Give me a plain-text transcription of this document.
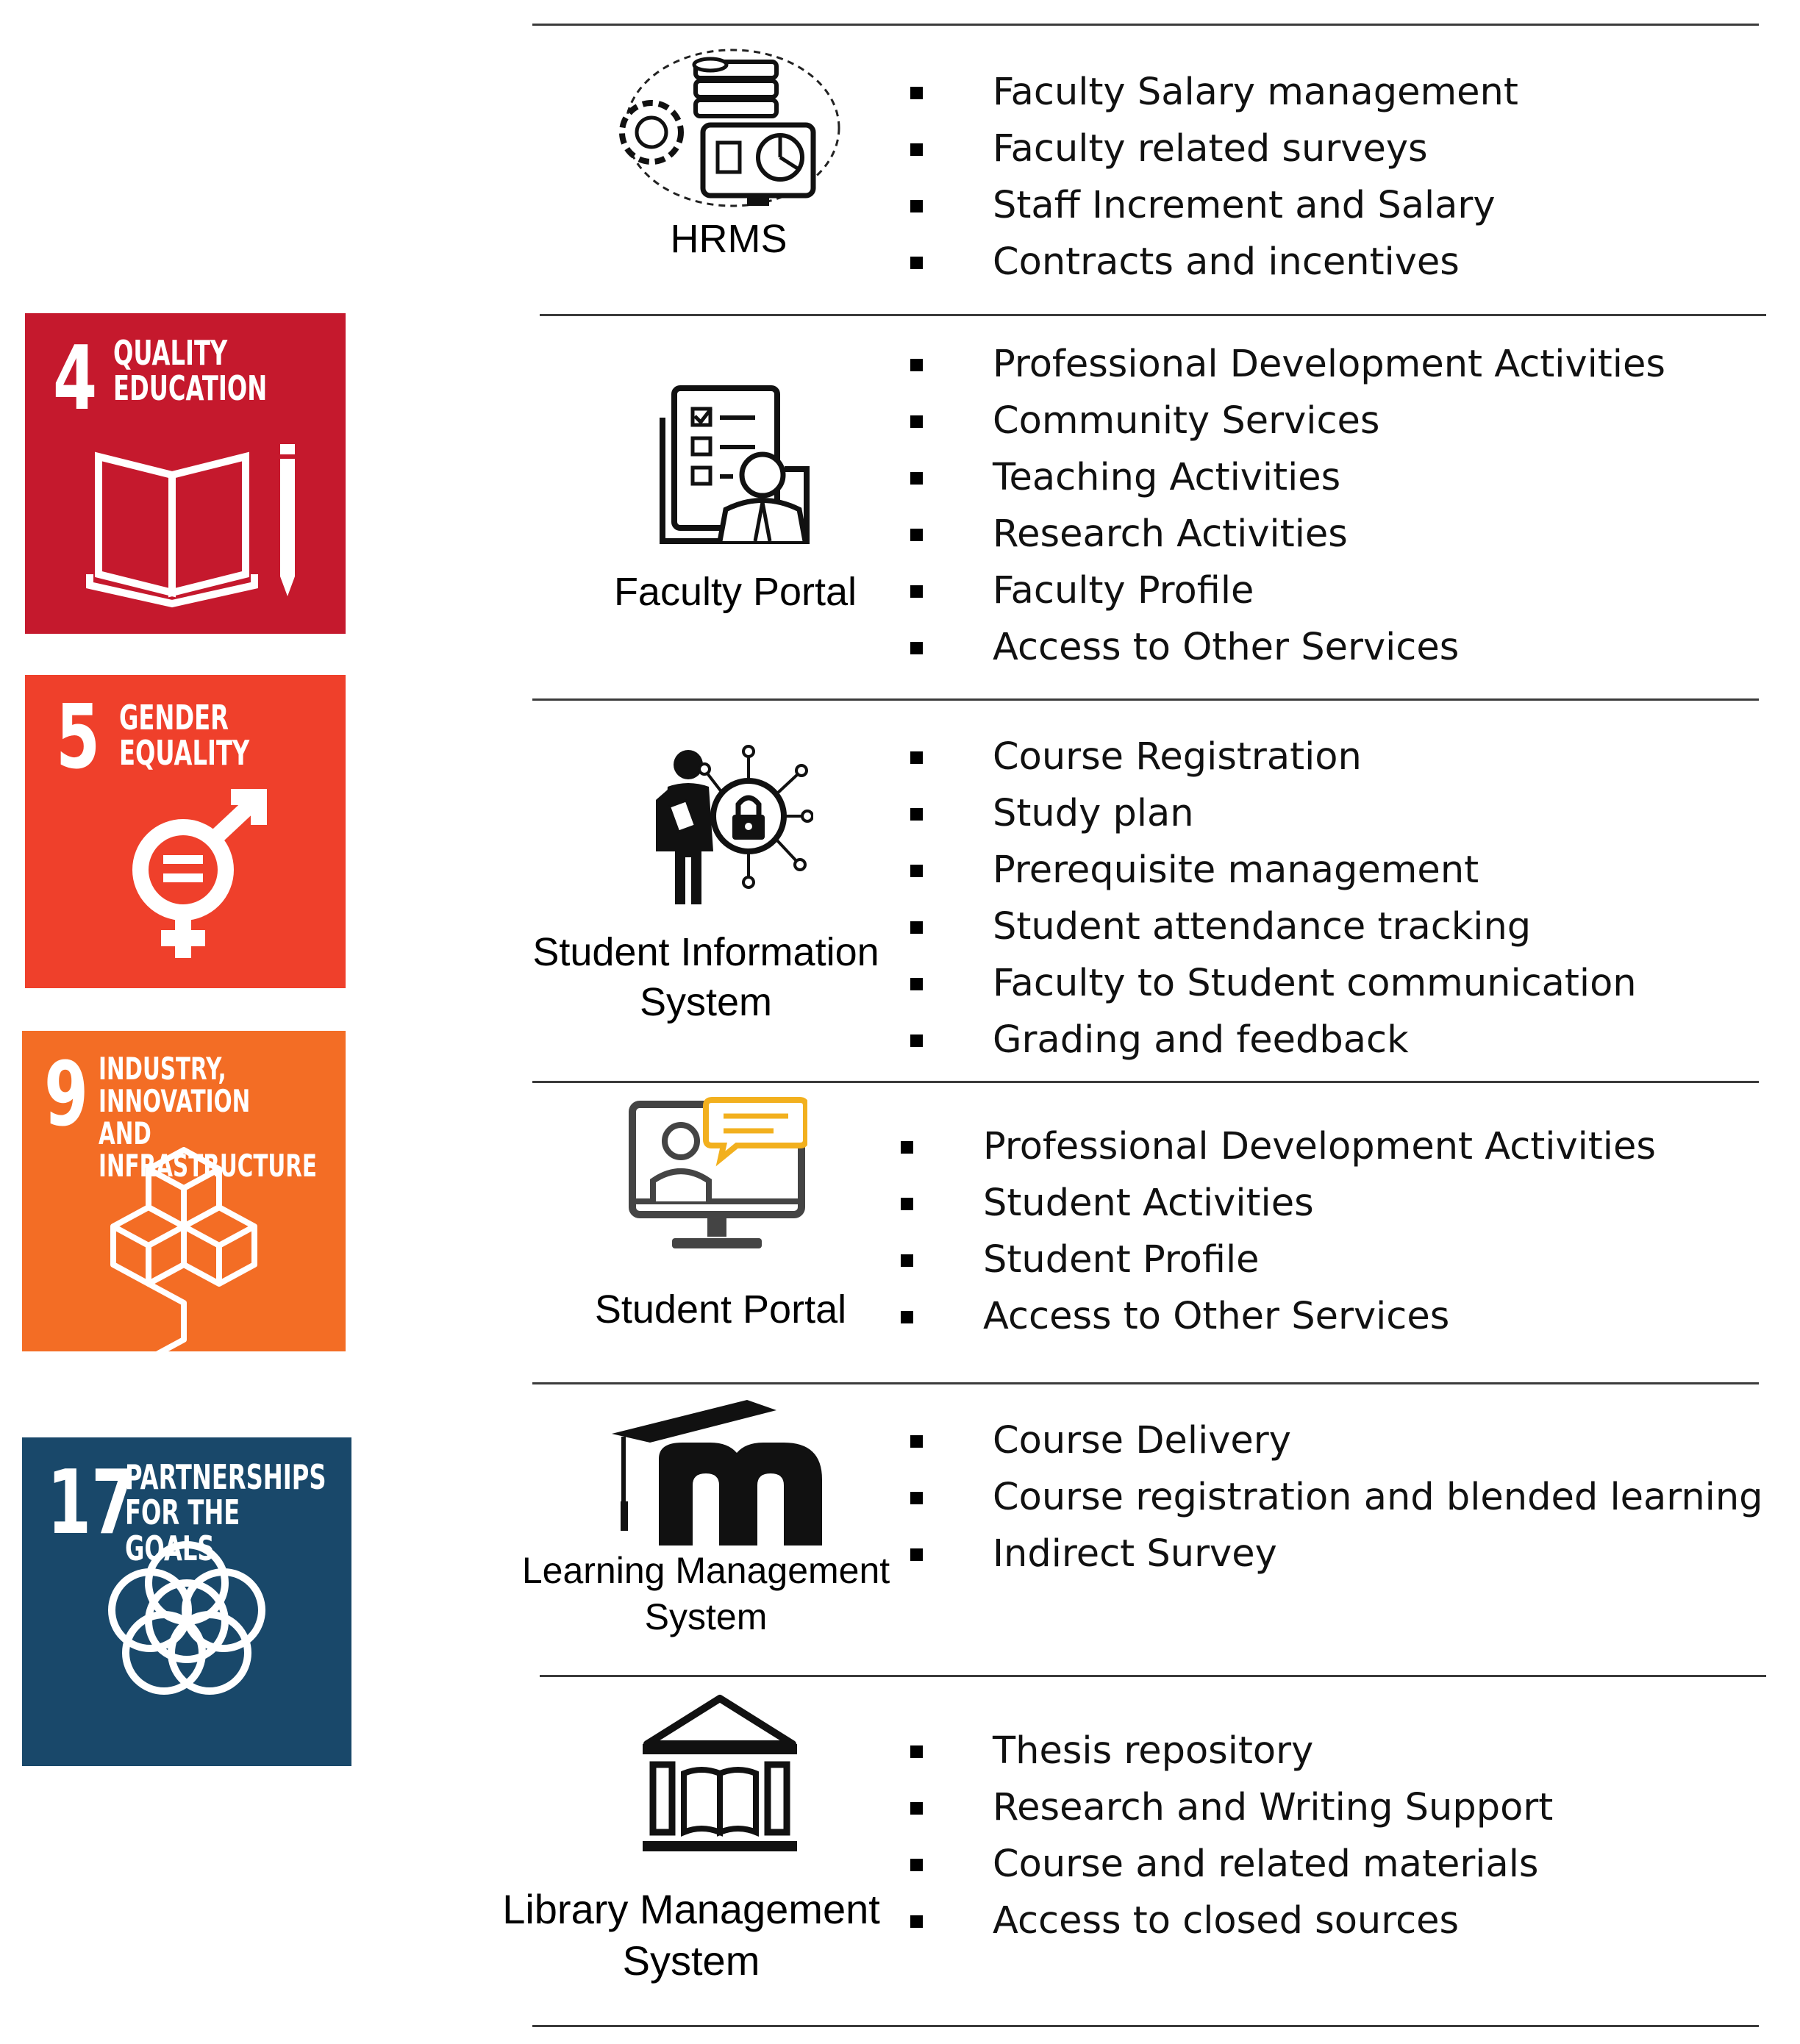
4 QUALITY
EDUCATION
5 GENDER
EQUALITY
9 INDUSTRY, INNOVATION
AND INFRASTRUCTURE
17
PARTNERSHIPS
FOR THE GOALS
HRMS
Faculty Salary management
Faculty related surveys
Staff Increment and Salary
Contracts and incentives
Faculty Portal
Professional Development Activities
Community Services
Teaching Activities
Research Activities
Faculty Profile
Access to Other Services
Student Information
System
Course Registration
Study plan
Prerequisite management
Student attendance tracking
Faculty to Student communication
Grading and feedback
Student Portal
Professional Development Activities
Student Activities
Student Profile
Access to Other Services
Learning Management
System
Course Delivery
Course registration and blended learning
Indirect Survey
Library Management
System
Thesis repository
Research and Writing Support
Course and related materials
Access to closed sources
